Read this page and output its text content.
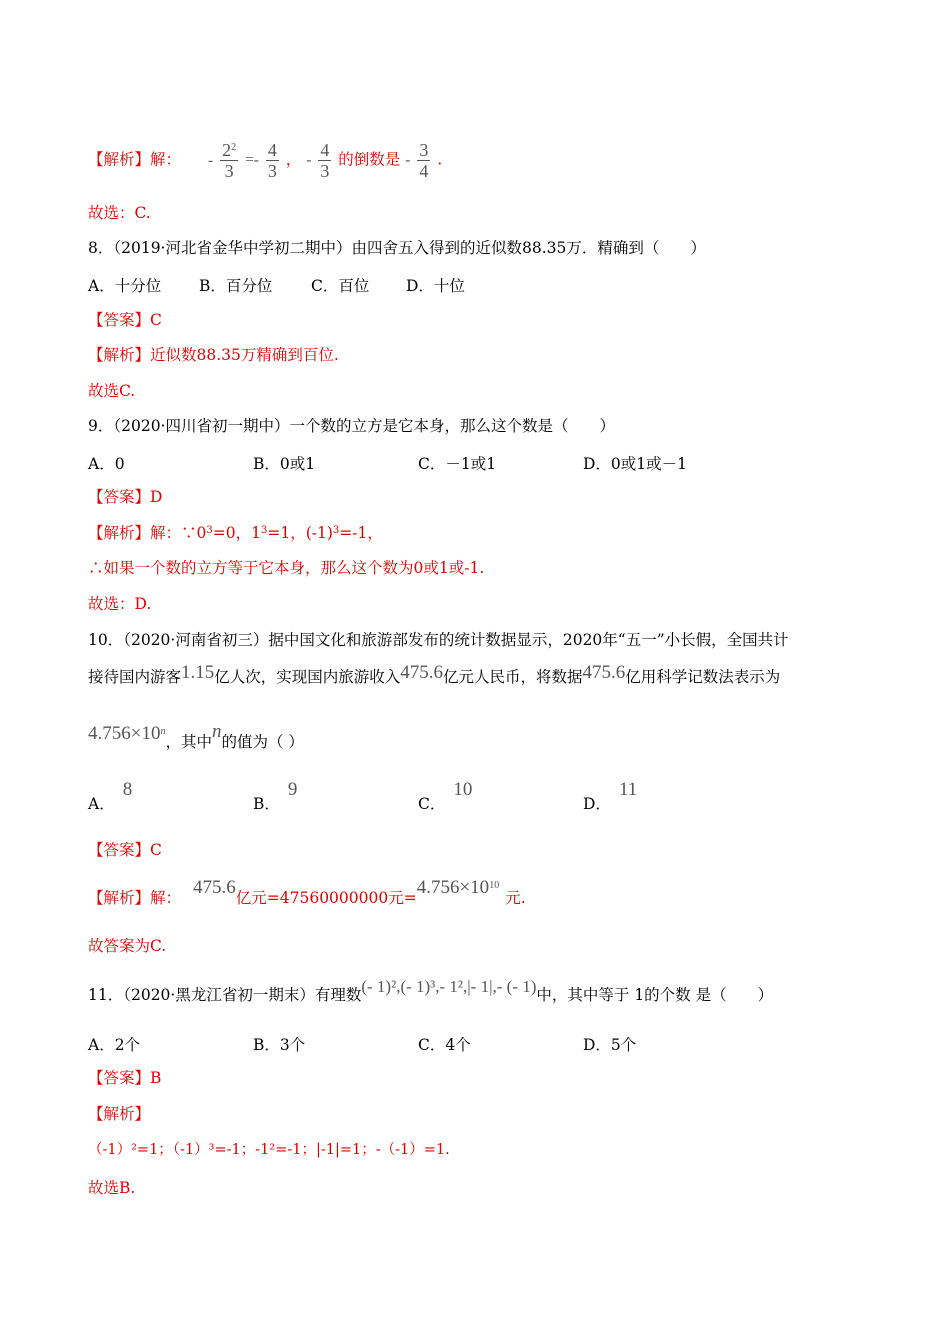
【解析】解： - $\frac{2^2}{3} =- \frac{4}{3}$ ， - $\frac{4}{3}$ 的倒数是 - $\frac{3}{4}$ .
故选：C.
8．（2019·河北省金华中学初二期中）由四舍五入得到的近似数88.35万．精确到（　　）
A．十分位 B．百分位 C．百位 D．十位
【答案】C
【解析】近似数88.35万精确到百位.
故选C.
9．（2020·四川省初一期中）一个数的立方是它本身，那么这个数是（　　）
A．0	B．0或1	C．－1或1	D．0或1或－1
【答案】D
【解析】解：$\because 0^3=0$，$1^3=1$，$(-1)^3=-1$，
∴如果一个数的立方等于它本身，那么这个数为0或1或-1.
故选：D.
10．（2020·河南省初三）据中国文化和旅游部发布的统计数据显示，2020年“五一”小长假，全国共计
接待国内游客1.15亿人次，实现国内旅游收入475.6亿元人民币，将数据475.6亿用科学记数法表示为
$4.756\times 10^n$，其中n的值为（ ）
A．8
B．9
C．10
D．11
【答案】C
【解析】解： 475.6亿元=47560000000元$=4.756\times 10^{10}$元.
故答案为C.
11．（2020·黑龙江省初一期末）有理数(- 1)²,(- 1)³,- 1²,|- 1|,- (- 1)中，其中等于 1的个数 是（　　）
A．2个	B．3个	C．4个	D．5个
【答案】B
【解析】
（-1）²=1；（-1）³=-1；-1²=-1；|-1|=1；-（-1）=1.
故选B.
